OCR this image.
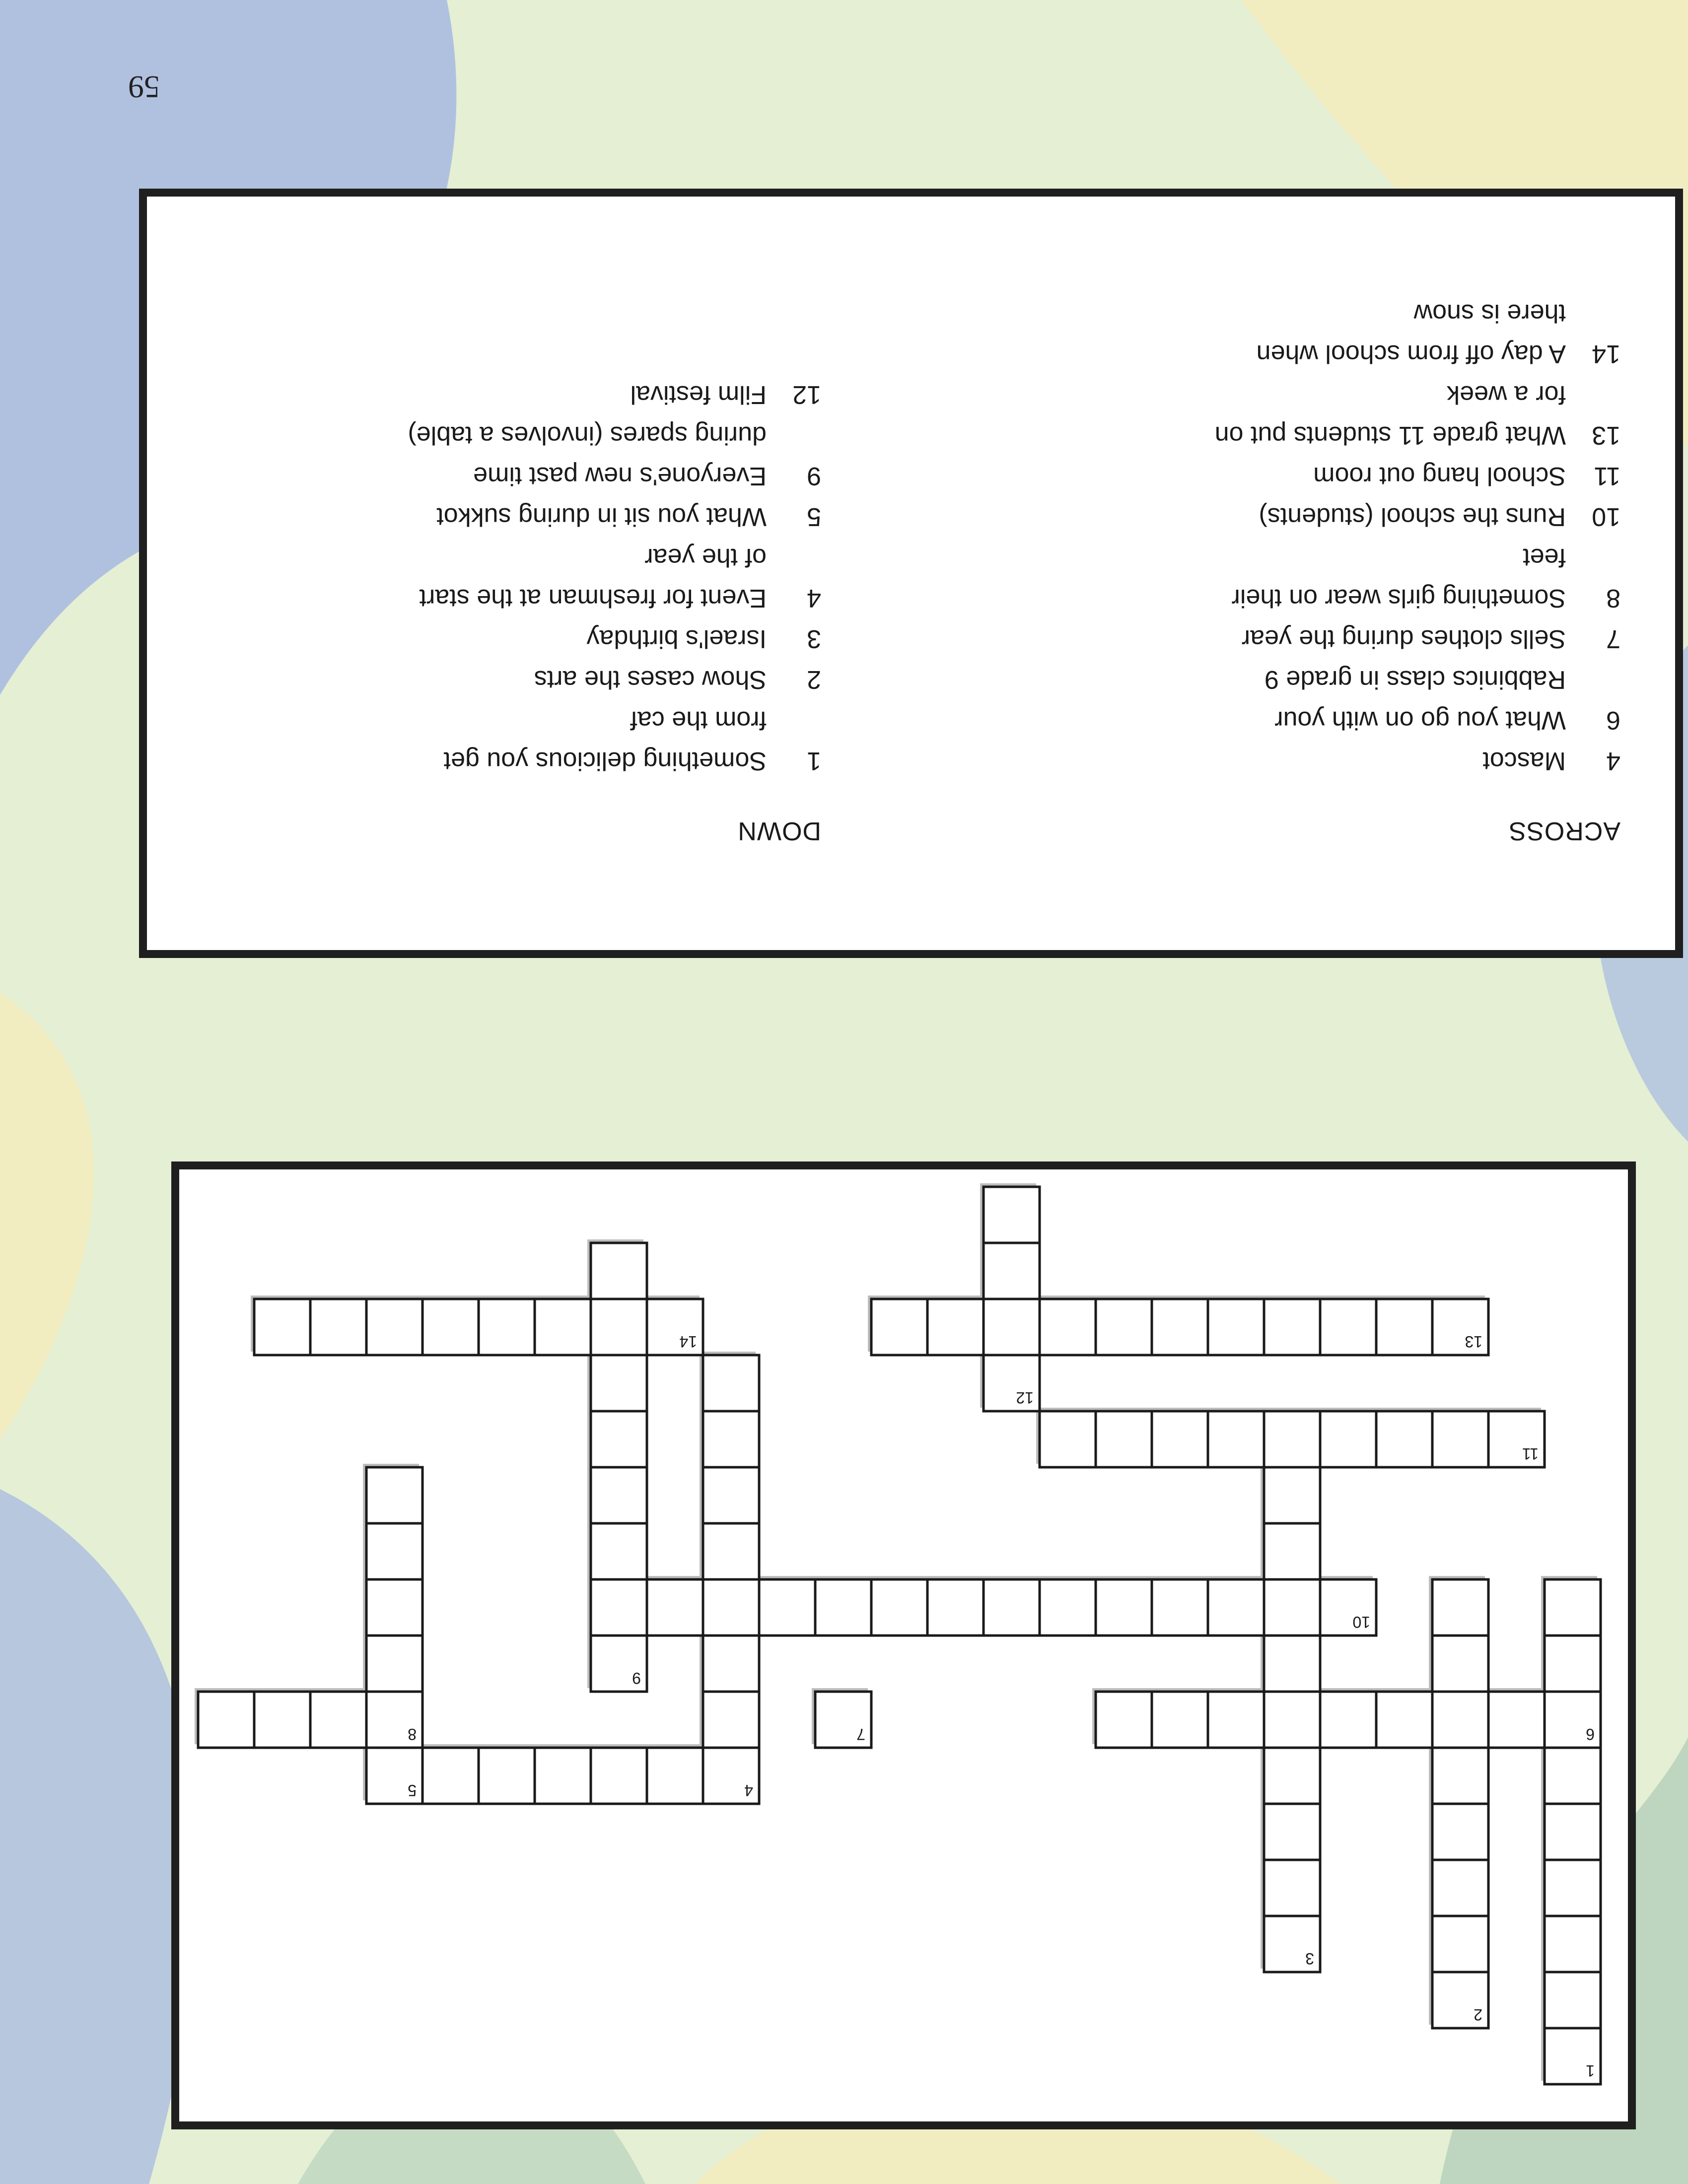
59
ACROSS
DOWN
4
Mascot
6
What you go on with your
Rabbinics class in grade 9
7
Sells clothes during the year
8
Something girls wear on their
feet
10
Runs the school (students)
11
School hang out room
13
What grade 11 students put on
for a week
14
A day off from school when
there is snow
1
Something delicious you get
from the caf
2
Show cases the arts
3
Israel's birthday
4
Event for freshman at the start
of the year
5
What you sit in during sukkot
9
Everyone's new past time
during spares (involves a table)
12
Film festival
1
2
3
6
7
4
5
8
9
10
11
12
13
14
